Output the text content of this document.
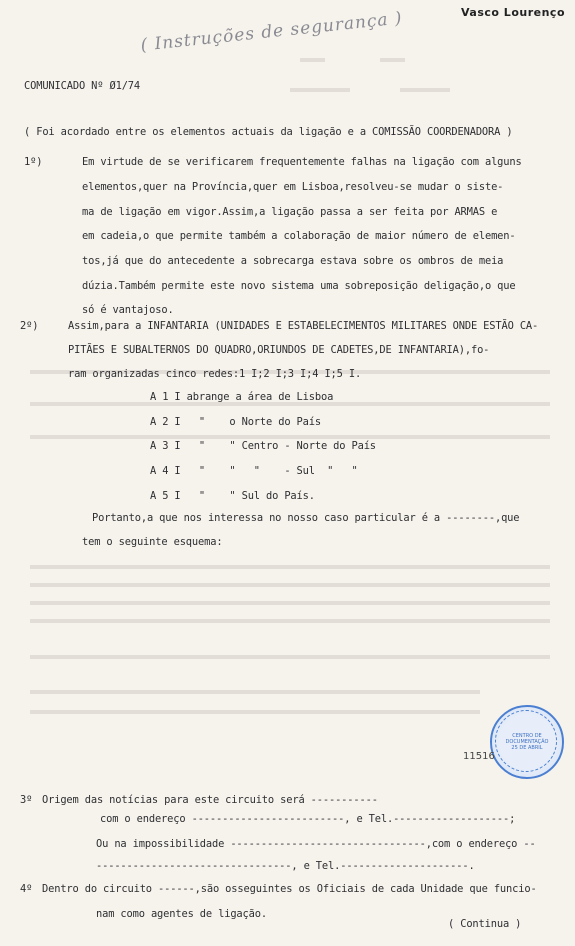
( Instruções de segurança )	Vasco Lourenço
COMUNICADO Nº Ø1/74
( Foi acordado entre os elementos actuais da ligação e a COMISSÃO COORDENADORA )
1º)	Em virtude de se verificarem frequentemente falhas na ligação com alguns
elementos,quer na Província,quer em Lisboa,resolveu-se mudar o siste-
ma de ligação em vigor.Assim,a ligação passa a ser feita por ARMAS e
em cadeia,o que permite também a colaboração de maior número de elemen-
tos,já que do antecedente a sobrecarga estava sobre os ombros de meia
dúzia.Também permite este novo sistema uma sobreposição deligação,o que
só é vantajoso.
2º)	Assim,para a INFANTARIA (UNIDADES E ESTABELECIMENTOS MILITARES ONDE ESTÃO CA-
PITÃES E SUBALTERNOS DO QUADRO,ORIUNDOS DE CADETES,DE INFANTARIA),fo-
ram organizadas cinco redes:1 I;2 I;3 I;4 I;5 I.
A 1 I abrange a área de Lisboa
A 2 I   "    o Norte do País
A 3 I   "    " Centro - Norte do País
A 4 I   "    "   "    - Sul  "   "
A 5 I   "    " Sul do País.
Portanto,a que nos interessa no nosso caso particular é a --------,que
tem o seguinte esquema:
CENTRO DE
DOCUMENTAÇÃO
25 DE ABRIL
11516
3º Origem das notícias para este circuito será -----------
com o endereço -------------------------, e Tel.-------------------;
Ou na impossibilidade --------------------------------,com o endereço --
--------------------------------, e Tel.---------------------.
4º Dentro do circuito ------,são osseguintes os Oficiais de cada Unidade que funcio-
nam como agentes de ligação.
( Continua )
